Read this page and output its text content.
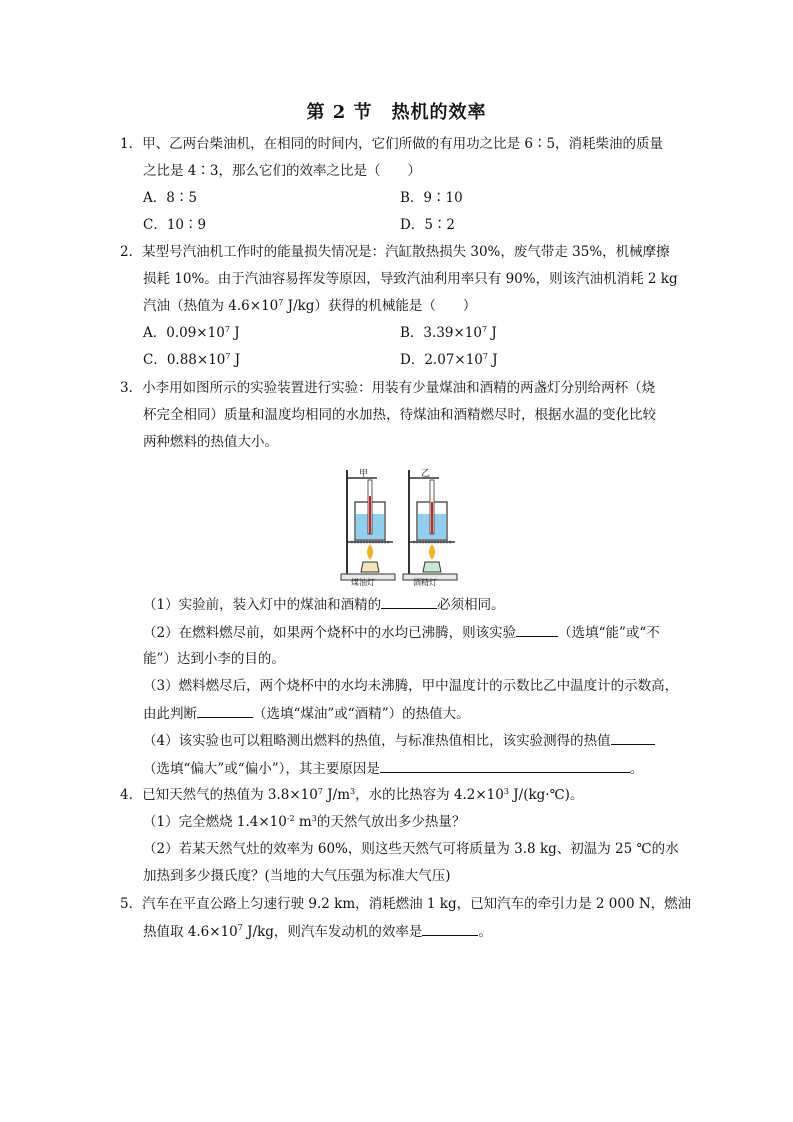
第 2 节　热机的效率
1．甲、乙两台柴油机，在相同的时间内，它们所做的有用功之比是 6∶5，消耗柴油的质量
之比是 4∶3，那么它们的效率之比是（　　）
A．8∶5	B．9∶10
C．10∶9	D．5∶2
2．某型号汽油机工作时的能量损失情况是：汽缸散热损失 30%，废气带走 35%，机械摩擦
损耗 10%。由于汽油容易挥发等原因，导致汽油利用率只有 90%，则该汽油机消耗 2 kg
汽油（热值为 $4.6\times 10^7$ J/kg）获得的机械能是（　　）
A．$0.09\times 10^7$ J	B．$3.39\times 10^7$ J
C．$0.88\times 10^7$ J	D．$2.07\times 10^7$ J
3．小李用如图所示的实验装置进行实验：用装有少量煤油和酒精的两盏灯分别给两杯（烧
杯完全相同）质量和温度均相同的水加热，待煤油和酒精燃尽时，根据水温的变化比较
两种燃料的热值大小。
甲	乙
煤油灯	酒精灯
（1）实验前，装入灯中的煤油和酒精的	必须相同。
（2）在燃料燃尽前，如果两个烧杯中的水均已沸腾，则该实验	（选填“能”或“不
能”）达到小李的目的。
（3）燃料燃尽后，两个烧杯中的水均未沸腾，甲中温度计的示数比乙中温度计的示数高，
由此判断	（选填“煤油”或“酒精”）的热值大。
（4）该实验也可以粗略测出燃料的热值，与标准热值相比，该实验测得的热值
（选填“偏大”或“偏小”），其主要原因是	。
4．已知天然气的热值为 $3.8\times 10^7$ $J/m^3$，水的比热容为 $4.2\times 10^3$ J/(kg·℃)。
（1）完全燃烧 $1.4\times 10^{-2}$ $m^3$的天然气放出多少热量？
（2）若某天然气灶的效率为 60%，则这些天然气可将质量为 3.8 kg、初温为 25 ℃的水
加热到多少摄氏度？(当地的大气压强为标准大气压)
5．汽车在平直公路上匀速行驶 9.2 km，消耗燃油 1 kg，已知汽车的牵引力是 2 000 N，燃油
热值取 $4.6\times 10^7$ J/kg，则汽车发动机的效率是	。
